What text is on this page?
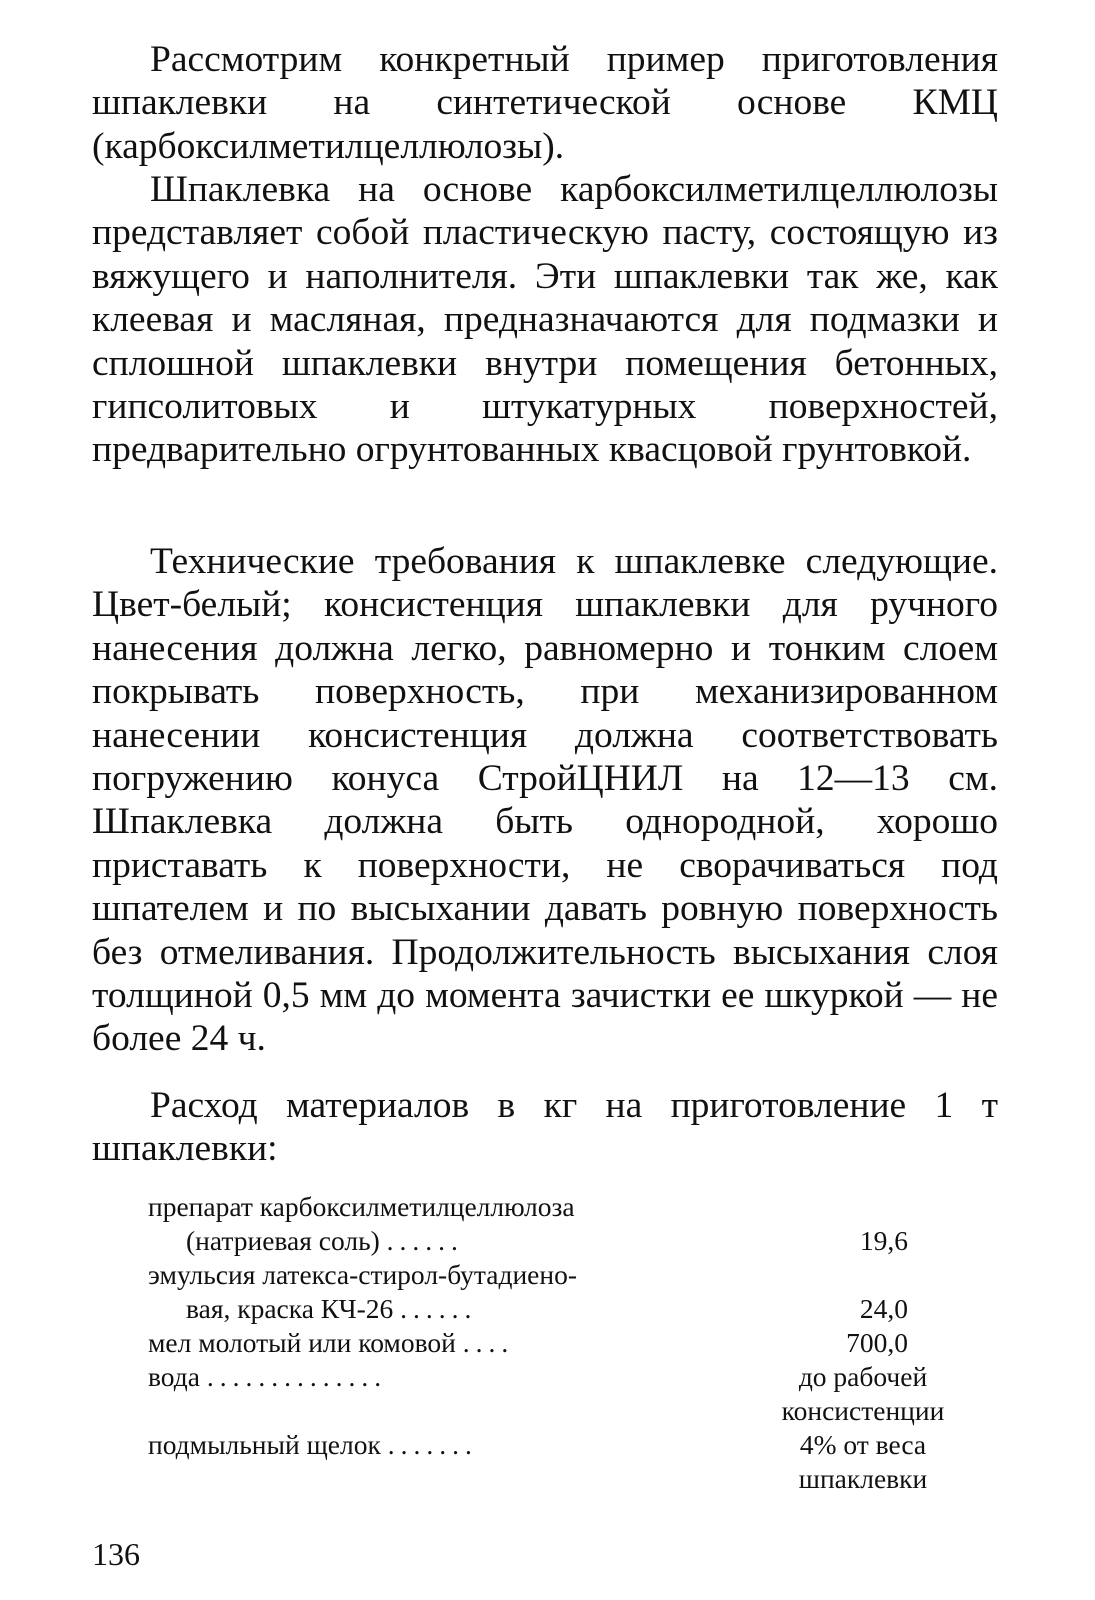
Рассмотрим конкретный пример приготовления шпаклевки на синтетической основе КМЦ (карбоксилметилцеллюлозы).

Шпаклевка на основе карбоксилметилцеллюлозы представляет собой пластическую пасту, состоящую из вяжущего и наполнителя. Эти шпаклевки так же, как клеевая и масляная, предназначаются для подмазки и сплошной шпаклевки внутри помещения бетонных, гипсолитовых и штукатурных поверхностей, предварительно огрунтованных квасцовой грунтовкой.

Технические требования к шпаклевке следующие. Цвет-белый; консистенция шпаклевки для ручного нанесения должна легко, равномерно и тонким слоем покрывать поверхность, при механизированном нанесении консистенция должна соответствовать погружению конуса СтройЦНИЛ на 12—13 см. Шпаклевка должна быть однородной, хорошо приставать к поверхности, не сворачиваться под шпателем и по высыхании давать ровную поверхность без отмеливания. Продолжительность высыхания слоя толщиной 0,5 мм до момента зачистки ее шкуркой — не более 24 ч.

Расход материалов в кг на приготовление 1 т шпаклевки:

препарат карбоксилметилцеллюлоза
(натриевая соль) ......	19,6
эмульсия латекса-стирол-бутадиено-
вая, краска КЧ-26 ......	24,0
мел молотый или комовой ....	700,0
вода ..............	до рабочей
консистенции
подмыльный щелок .......	4% от веса
шпаклевки
136
